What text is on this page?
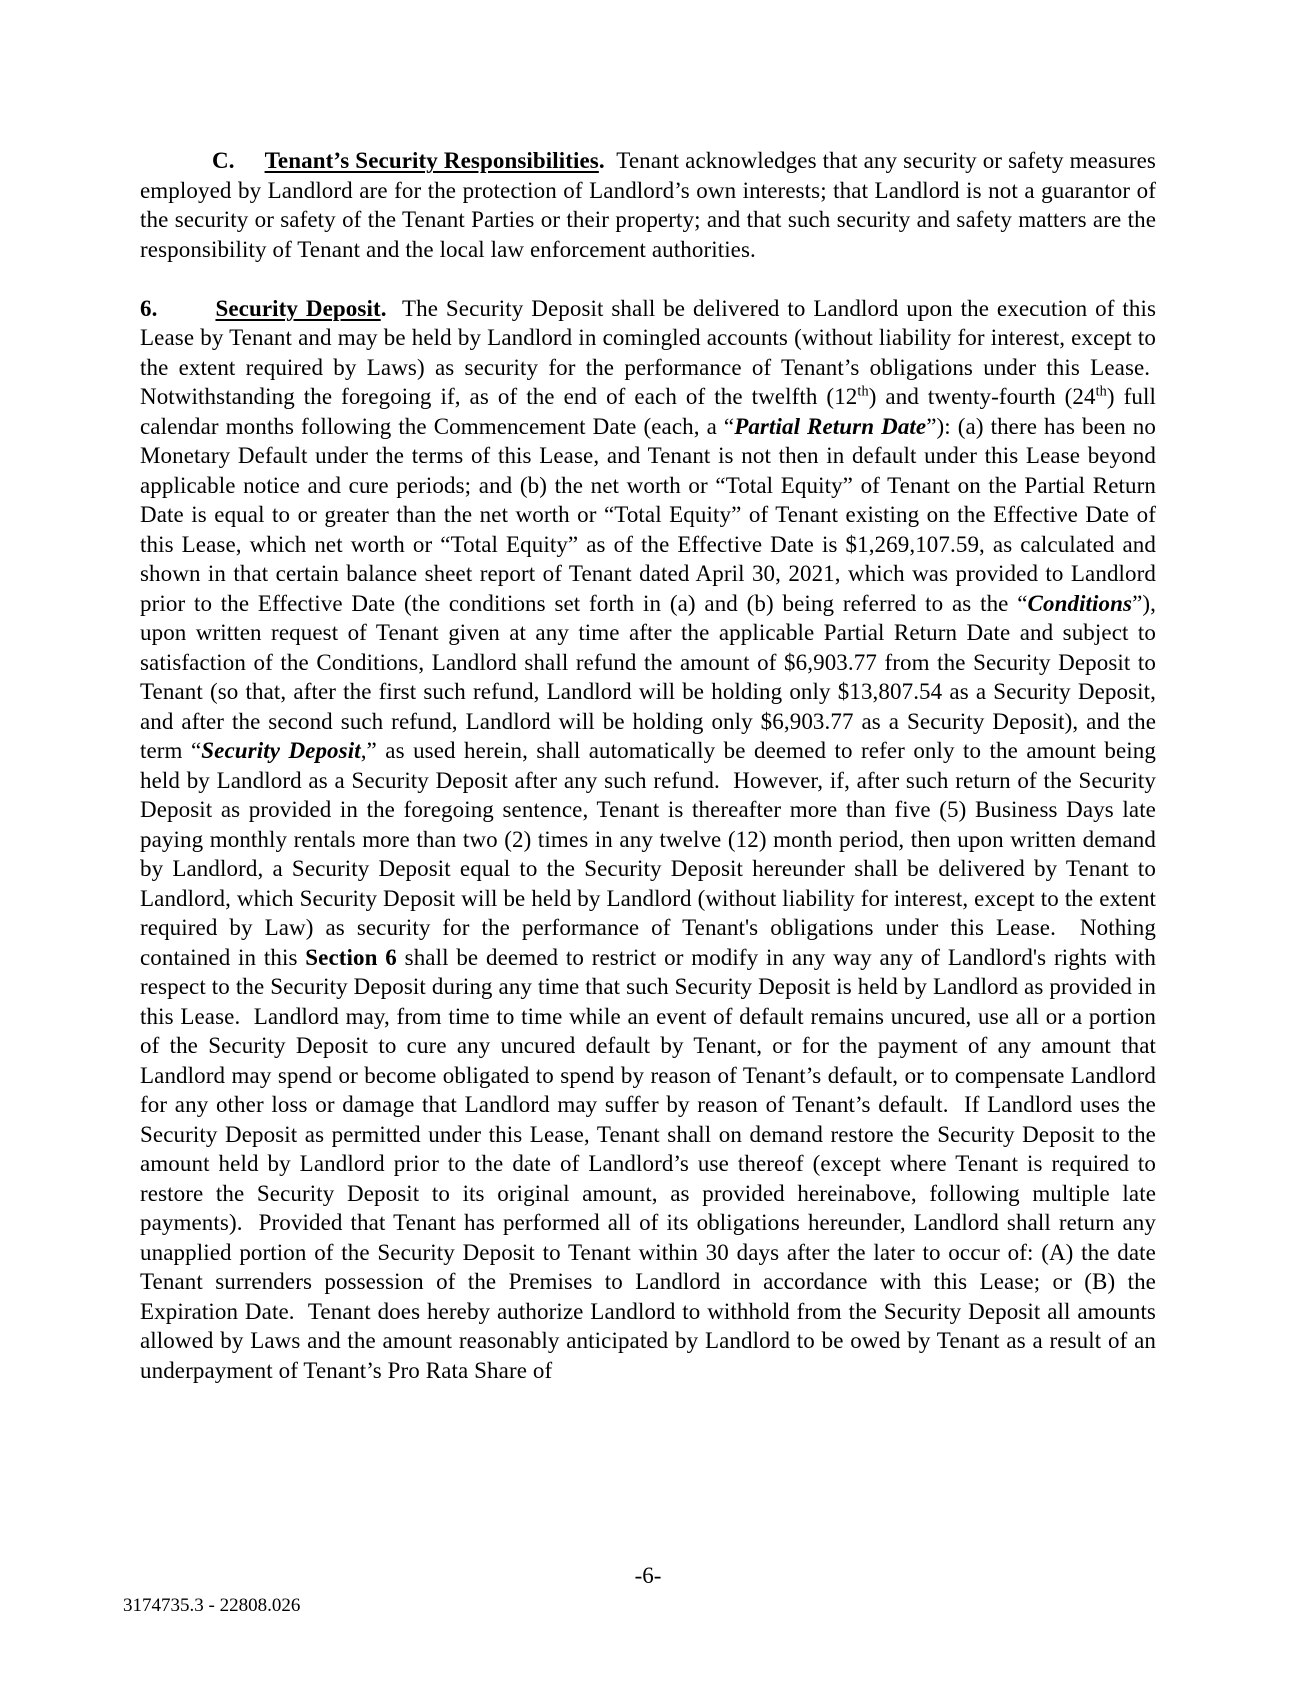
C. Tenant’s Security Responsibilities.  Tenant acknowledges that any security or safety measures employed by Landlord are for the protection of Landlord’s own interests; that Landlord is not a guarantor of the security or safety of the Tenant Parties or their property; and that such security and safety matters are the responsibility of Tenant and the local law enforcement authorities.

6.	Security Deposit.  The Security Deposit shall be delivered to Landlord upon the execution of this Lease by Tenant and may be held by Landlord in comingled accounts (without liability for interest, except to the extent required by Laws) as security for the performance of Tenant’s obligations under this Lease.  Notwithstanding the foregoing if, as of the end of each of the twelfth (12th) and twenty-fourth (24th) full calendar months following the Commencement Date (each, a “Partial Return Date”): (a) there has been no Monetary Default under the terms of this Lease, and Tenant is not then in default under this Lease beyond applicable notice and cure periods; and (b) the net worth or “Total Equity” of Tenant on the Partial Return Date is equal to or greater than the net worth or “Total Equity” of Tenant existing on the Effective Date of this Lease, which net worth or “Total Equity” as of the Effective Date is $1,269,107.59, as calculated and shown in that certain balance sheet report of Tenant dated April 30, 2021, which was provided to Landlord prior to the Effective Date (the conditions set forth in (a) and (b) being referred to as the “Conditions”), upon written request of Tenant given at any time after the applicable Partial Return Date and subject to satisfaction of the Conditions, Landlord shall refund the amount of $6,903.77 from the Security Deposit to Tenant (so that, after the first such refund, Landlord will be holding only $13,807.54 as a Security Deposit, and after the second such refund, Landlord will be holding only $6,903.77 as a Security Deposit), and the term “Security Deposit,” as used herein, shall automatically be deemed to refer only to the amount being held by Landlord as a Security Deposit after any such refund.  However, if, after such return of the Security Deposit as provided in the foregoing sentence, Tenant is thereafter more than five (5) Business Days late paying monthly rentals more than two (2) times in any twelve (12) month period, then upon written demand by Landlord, a Security Deposit equal to the Security Deposit hereunder shall be delivered by Tenant to Landlord, which Security Deposit will be held by Landlord (without liability for interest, except to the extent required by Law) as security for the performance of Tenant's obligations under this Lease.  Nothing contained in this Section 6 shall be deemed to restrict or modify in any way any of Landlord's rights with respect to the Security Deposit during any time that such Security Deposit is held by Landlord as provided in this Lease.  Landlord may, from time to time while an event of default remains uncured, use all or a portion of the Security Deposit to cure any uncured default by Tenant, or for the payment of any amount that Landlord may spend or become obligated to spend by reason of Tenant’s default, or to compensate Landlord for any other loss or damage that Landlord may suffer by reason of Tenant’s default.  If Landlord uses the Security Deposit as permitted under this Lease, Tenant shall on demand restore the Security Deposit to the amount held by Landlord prior to the date of Landlord’s use thereof (except where Tenant is required to restore the Security Deposit to its original amount, as provided hereinabove, following multiple late payments).  Provided that Tenant has performed all of its obligations hereunder, Landlord shall return any unapplied portion of the Security Deposit to Tenant within 30 days after the later to occur of: (A) the date Tenant surrenders possession of the Premises to Landlord in accordance with this Lease; or (B) the Expiration Date.  Tenant does hereby authorize Landlord to withhold from the Security Deposit all amounts allowed by Laws and the amount reasonably anticipated by Landlord to be owed by Tenant as a result of an underpayment of Tenant’s Pro Rata Share of

-6-
3174735.3 - 22808.026
